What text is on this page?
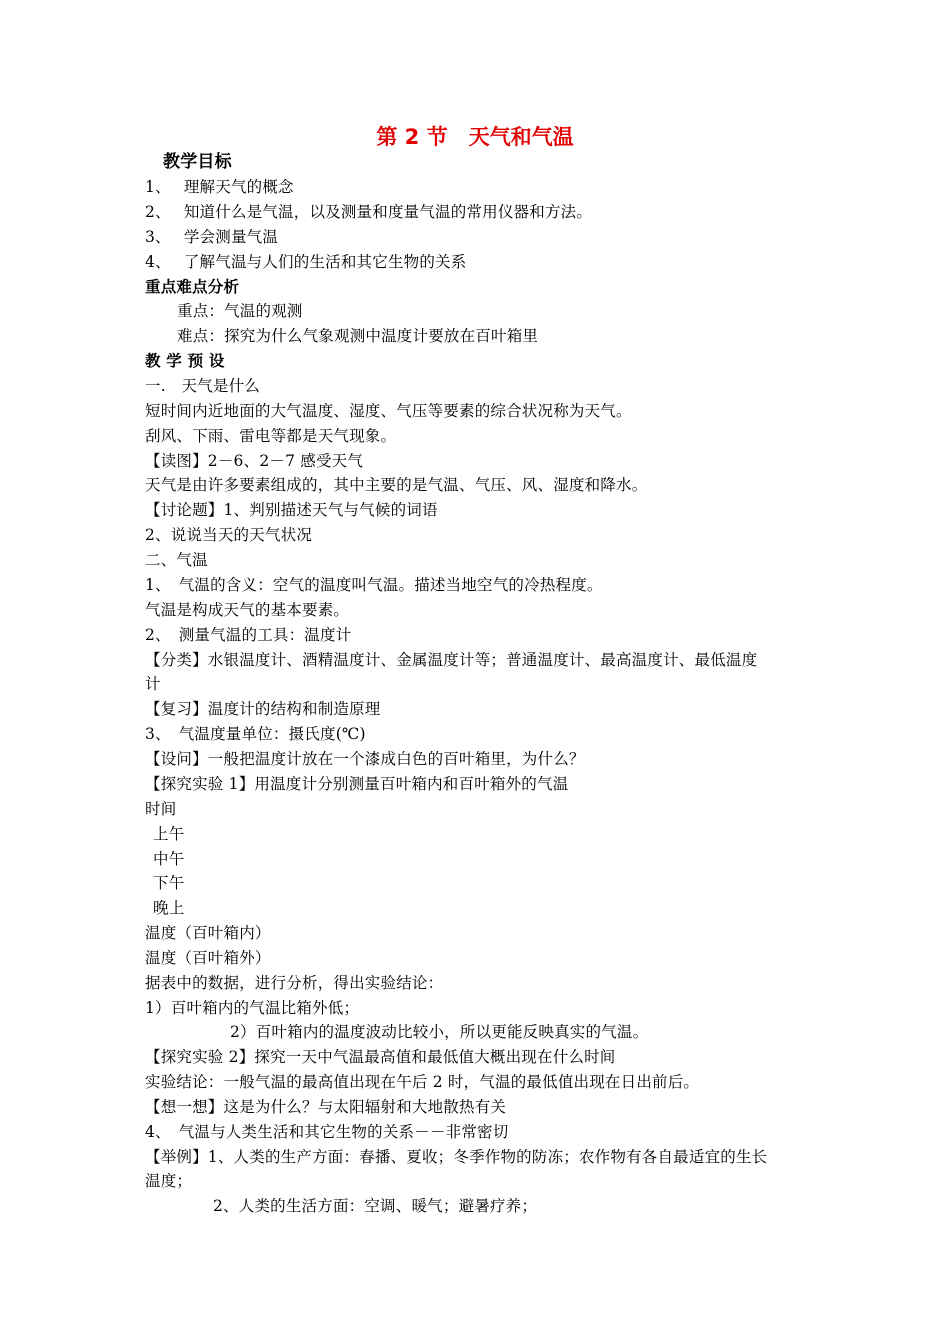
第 2 节　天气和气温
教学目标
1、　 理解天气的概念
2、　 知道什么是气温，以及测量和度量气温的常用仪器和方法。
3、　 学会测量气温
4、　 了解气温与人们的生活和其它生物的关系
重点难点分析
重点：气温的观测
难点：探究为什么气象观测中温度计要放在百叶箱里
教 学 预 设
一.　天气是什么
短时间内近地面的大气温度、湿度、气压等要素的综合状况称为天气。
刮风、下雨、雷电等都是天气现象。
【读图】2－6、2－7 感受天气
天气是由许多要素组成的，其中主要的是气温、气压、风、湿度和降水。
【讨论题】1、判别描述天气与气候的词语
2、说说当天的天气状况
二、气温
1、　气温的含义：空气的温度叫气温。描述当地空气的冷热程度。
气温是构成天气的基本要素。
2、　测量气温的工具：温度计
【分类】水银温度计、酒精温度计、金属温度计等；普通温度计、最高温度计、最低温度
计
【复习】温度计的结构和制造原理
3、　气温度量单位：摄氏度(℃)
【设问】一般把温度计放在一个漆成白色的百叶箱里，为什么？
【探究实验 1】用温度计分别测量百叶箱内和百叶箱外的气温
时间
上午
中午
下午
晚上
温度（百叶箱内）
温度（百叶箱外）
据表中的数据，进行分析，得出实验结论：
1）百叶箱内的气温比箱外低；
2）百叶箱内的温度波动比较小，所以更能反映真实的气温。
【探究实验 2】探究一天中气温最高值和最低值大概出现在什么时间
实验结论：一般气温的最高值出现在午后 2 时，气温的最低值出现在日出前后。
【想一想】这是为什么？与太阳辐射和大地散热有关
4、　气温与人类生活和其它生物的关系－－非常密切
【举例】1、人类的生产方面：春播、夏收；冬季作物的防冻；农作物有各自最适宜的生长
温度；
2、人类的生活方面：空调、暖气；避暑疗养；
